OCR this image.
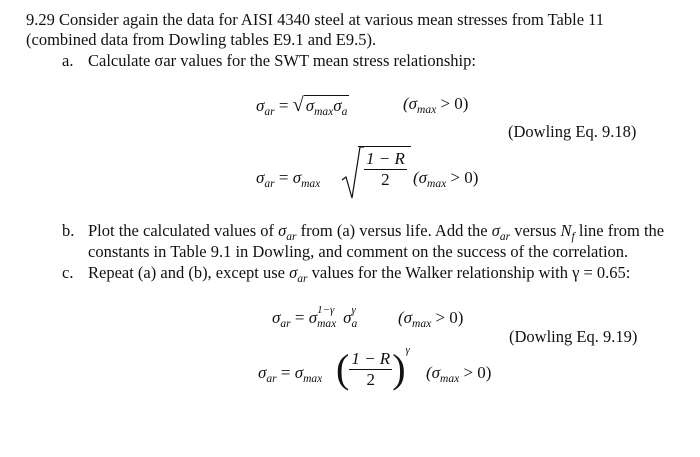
9.29 Consider again the data for AISI 4340 steel at various mean stresses from Table 11
(combined data from Dowling tables E9.1 and E9.5).
a. Calculate σar values for the SWT mean stress relationship:
$\sigma_{ar}$ = √ $\sigma_{max}\sigma_a$	$(\sigma_{max} > 0)$
(Dowling Eq. 9.18)
$\sigma_{ar} = \sigma_{max} \frac{1 - R}{2} (\sigma_{max} > 0)$
b. Plot the calculated values of $\sigma_{ar}$ from (a) versus life. Add the $\sigma_{ar}$ versus $N_f$ line from the
constants in Table 9.1 in Dowling, and comment on the success of the correlation.
c. Repeat (a) and (b), except use $\sigma_{ar}$ values for the Walker relationship with γ = 0.65:
$\sigma_{ar} = \sigma$ 1−γ
max σ γ
a $(\sigma_{max} > 0)$
(Dowling Eq. 9.19)
$\sigma_{ar} = \sigma_{max}$ ( $\frac{1 - R}{2} )^\gamma$
$(\sigma_{max} > 0)$
